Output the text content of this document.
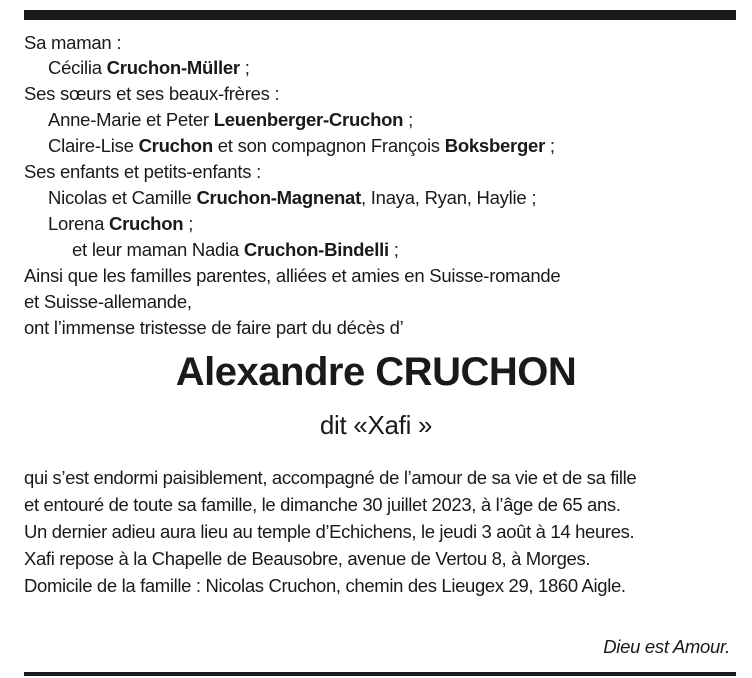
Sa maman :
Cécilia Cruchon-Müller ;
Ses sœurs et ses beaux-frères :
Anne-Marie et Peter Leuenberger-Cruchon ;
Claire-Lise Cruchon et son compagnon François Boksberger ;
Ses enfants et petits-enfants :
Nicolas et Camille Cruchon-Magnenat, Inaya, Ryan, Haylie ;
Lorena Cruchon ;
et leur maman Nadia Cruchon-Bindelli ;
Ainsi que les familles parentes, alliées et amies en Suisse-romande
et Suisse-allemande,
ont l’immense tristesse de faire part du décès d’
Alexandre CRUCHON
dit «Xafi »
qui s’est endormi paisiblement, accompagné de l’amour de sa vie et de sa fille
et entouré de toute sa famille, le dimanche 30 juillet 2023, à l’âge de 65 ans.
Un dernier adieu aura lieu au temple d’Echichens, le jeudi 3 août à 14 heures.
Xafi repose à la Chapelle de Beausobre, avenue de Vertou 8, à Morges.
Domicile de la famille : Nicolas Cruchon, chemin des Lieugex 29, 1860 Aigle.
Dieu est Amour.
